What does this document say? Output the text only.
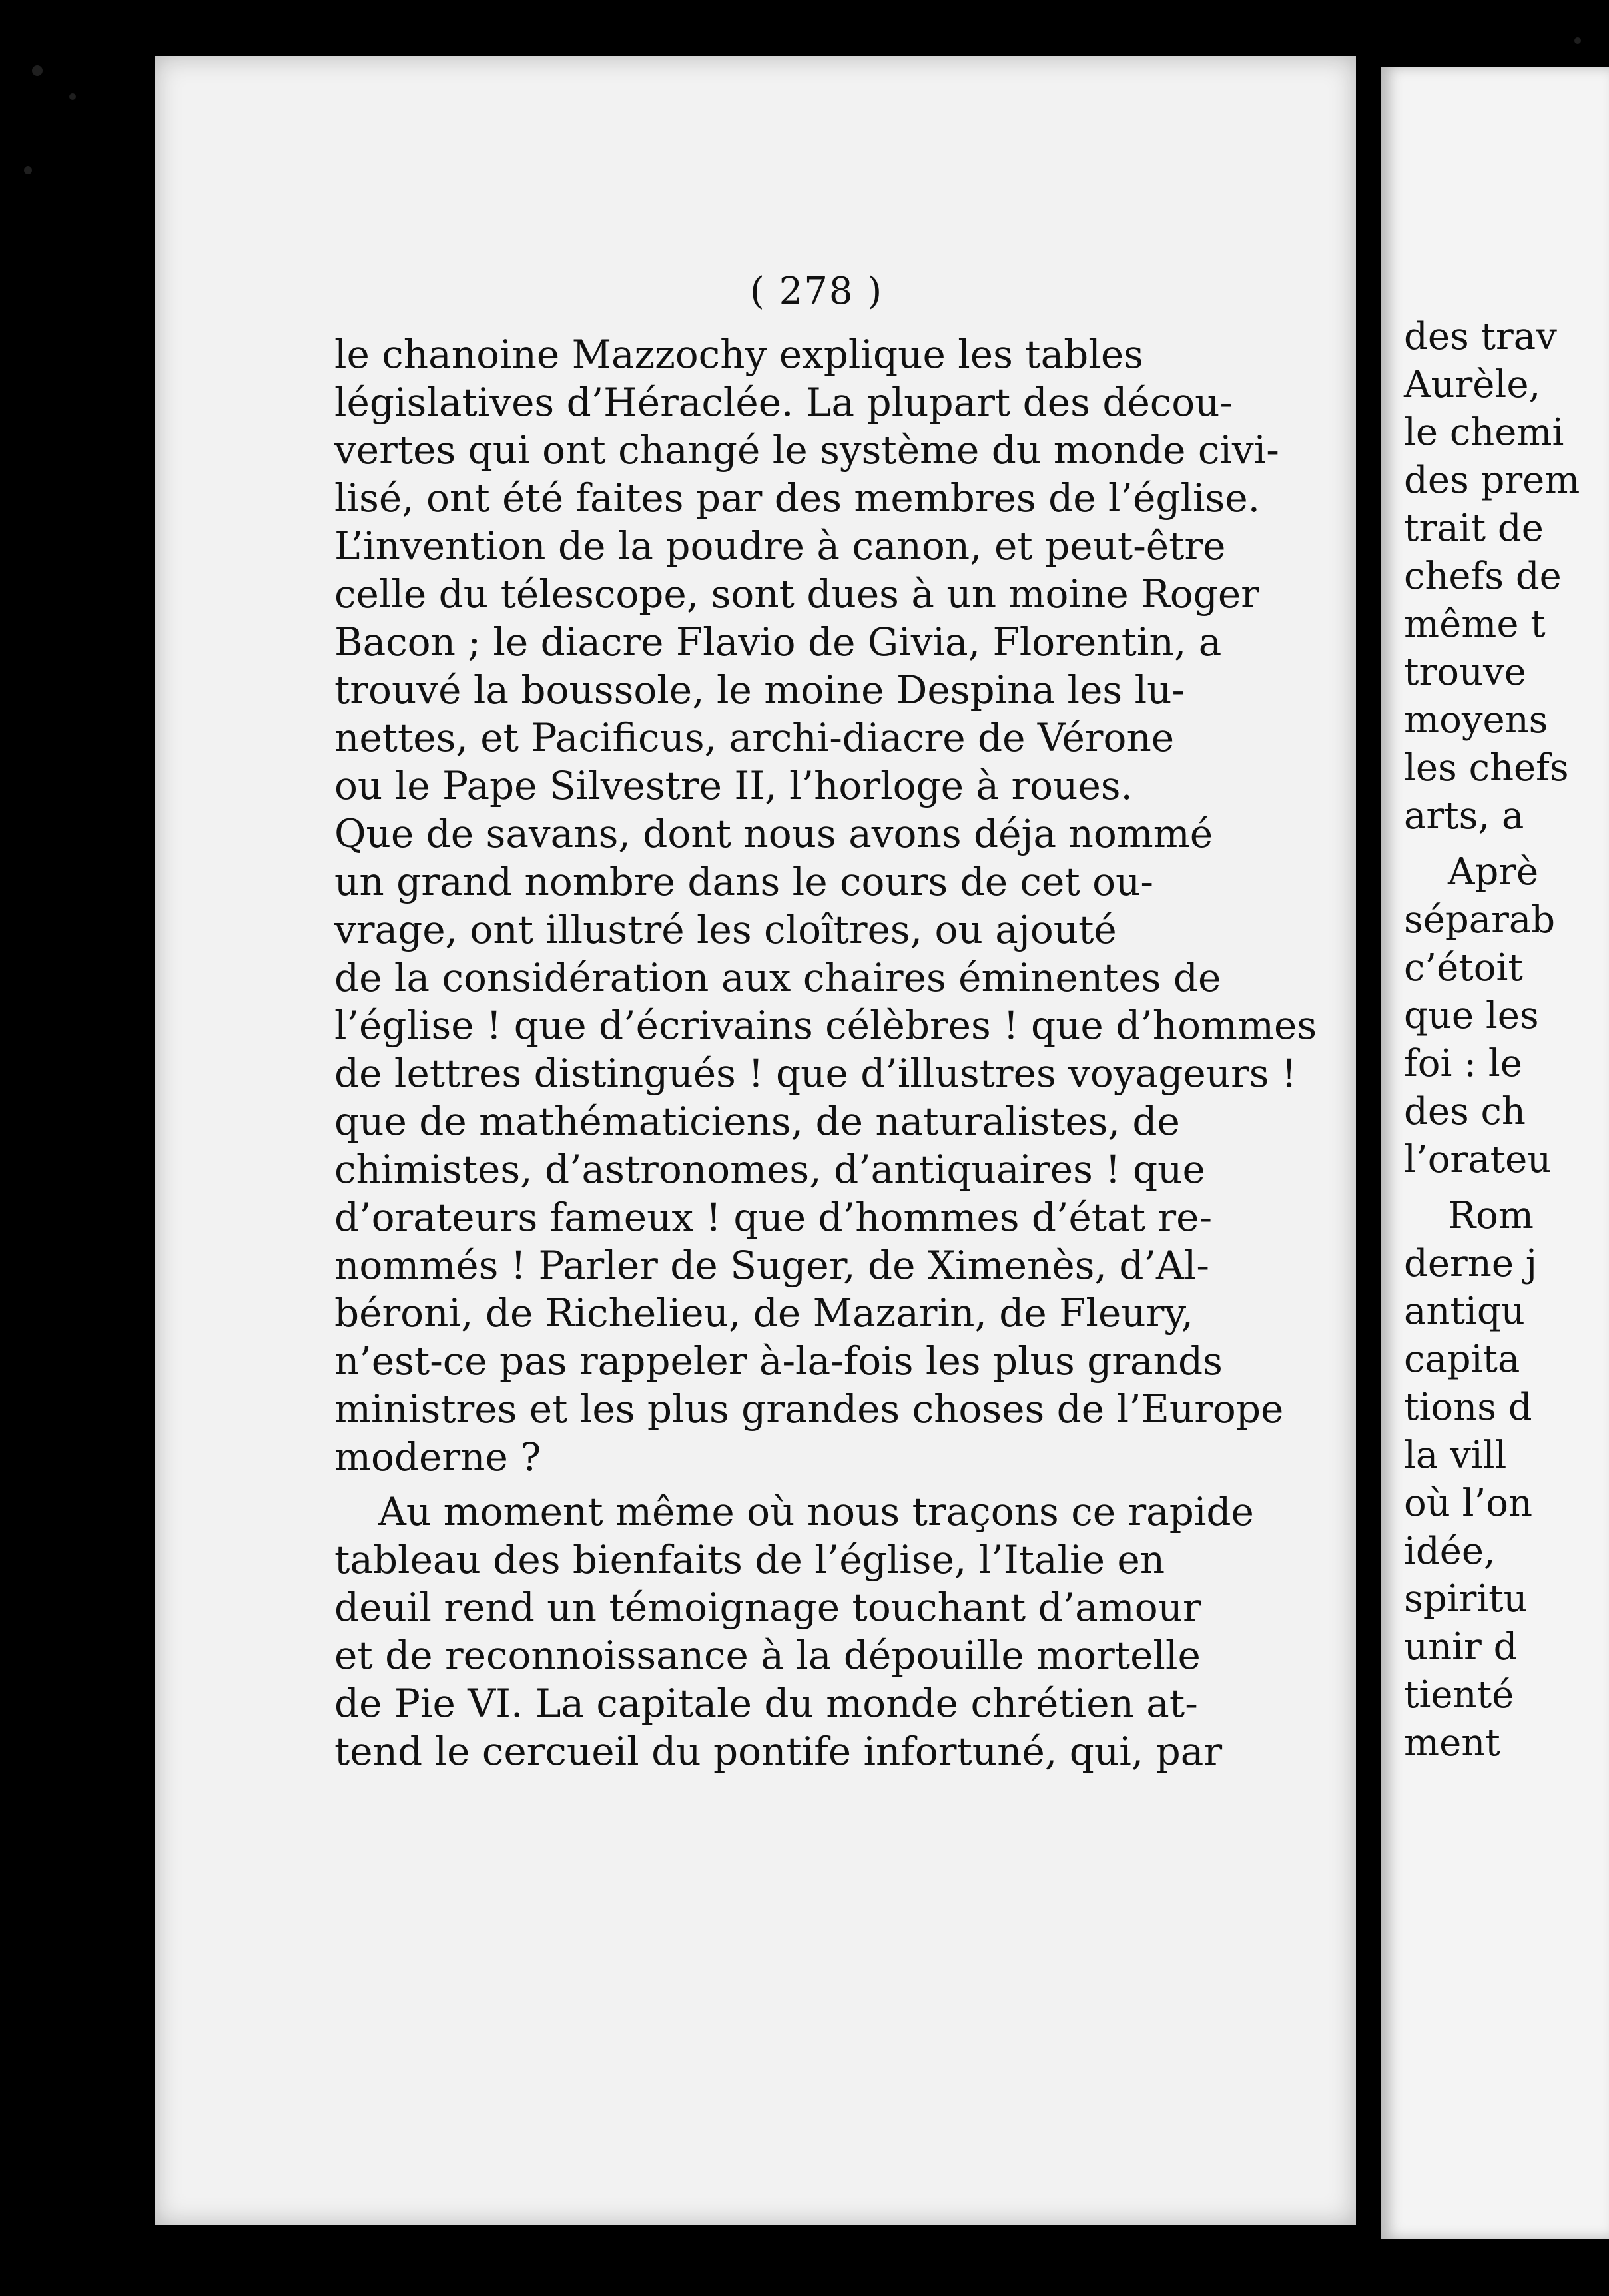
( 278 )
le chanoine Mazzochy explique les tables
législatives d’Héraclée. La plupart des décou-
vertes qui ont changé le système du monde civi-
lisé, ont été faites par des membres de l’église.
L’invention de la poudre à canon, et peut-être
celle du télescope, sont dues à un moine Roger
Bacon ; le diacre Flavio de Givia, Florentin, a
trouvé la boussole, le moine Despina les lu-
nettes, et Pacificus, archi-diacre de Vérone
ou le Pape Silvestre II, l’horloge à roues.
Que de savans, dont nous avons déja nommé
un grand nombre dans le cours de cet ou-
vrage, ont illustré les cloîtres, ou ajouté
de la considération aux chaires éminentes de
l’église ! que d’écrivains célèbres ! que d’hommes
de lettres distingués ! que d’illustres voyageurs !
que de mathématiciens, de naturalistes, de
chimistes, d’astronomes, d’antiquaires ! que
d’orateurs fameux ! que d’hommes d’état re-
nommés ! Parler de Suger, de Ximenès, d’Al-
béroni, de Richelieu, de Mazarin, de Fleury,
n’est-ce pas rappeler à-la-fois les plus grands
ministres et les plus grandes choses de l’Europe
moderne ?
Au moment même où nous traçons ce rapide
tableau des bienfaits de l’église, l’Italie en
deuil rend un témoignage touchant d’amour
et de reconnoissance à la dépouille mortelle
de Pie VI. La capitale du monde chrétien at-
tend le cercueil du pontife infortuné, qui, par
des trav
Aurèle,
le chemi
des prem
trait de
chefs de
même t
trouve
moyens
les chefs
arts, a
Aprè
séparab
c’étoit
que les
foi : le
des ch
l’orateu
Rom
derne j
antiqu
capita
tions d
la vill
où l’on
idée,
spiritu
unir d
tienté
ment
